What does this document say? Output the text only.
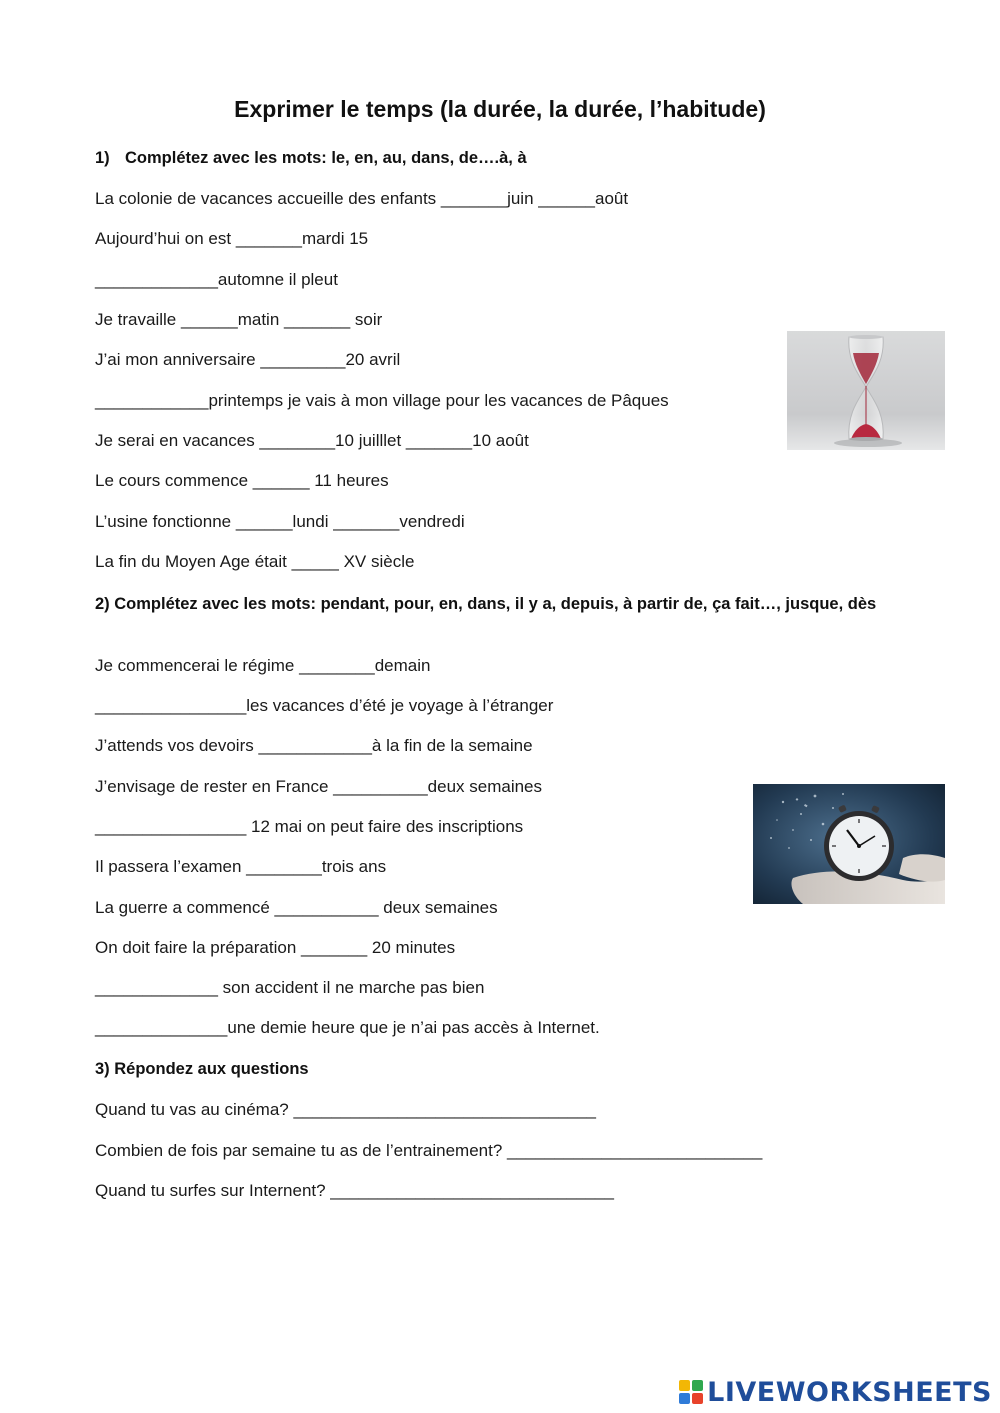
Exprimer le temps (la durée, la durée, l’habitude)
1) Complétez avec les mots: le, en, au, dans, de….à, à
La colonie de vacances accueille des enfants _______juin ______août
Aujourd’hui on est _______mardi 15
_____________automne il pleut
Je travaille ______matin _______ soir
J’ai mon anniversaire _________20 avril
____________printemps je vais à mon village pour les vacances de Pâques
Je serai en vacances ________10 juilllet _______10 août
Le cours commence ______ 11 heures
L’usine fonctionne ______lundi _______vendredi
La fin du Moyen Age était _____ XV siècle
2) Complétez avec les mots: pendant, pour, en, dans, il y a, depuis, à partir de, ça fait…, jusque, dès
Je commencerai le régime ________demain
________________les vacances d’été je voyage à l’étranger
J’attends vos devoirs ____________à la fin de la semaine
J’envisage de rester en France __________deux semaines
________________ 12 mai on peut faire des inscriptions
Il passera l’examen ________trois ans
La guerre a commencé ___________ deux semaines
On doit faire la préparation _______ 20 minutes
_____________ son accident il ne marche pas bien
______________une demie heure que je n’ai pas accès à Internet.
3) Répondez aux questions
Quand tu vas au cinéma? ________________________________
Combien de fois par semaine tu as de l’entrainement? ___________________________
Quand tu surfes sur Internent? ______________________________
LIVEWORKSHEETS
